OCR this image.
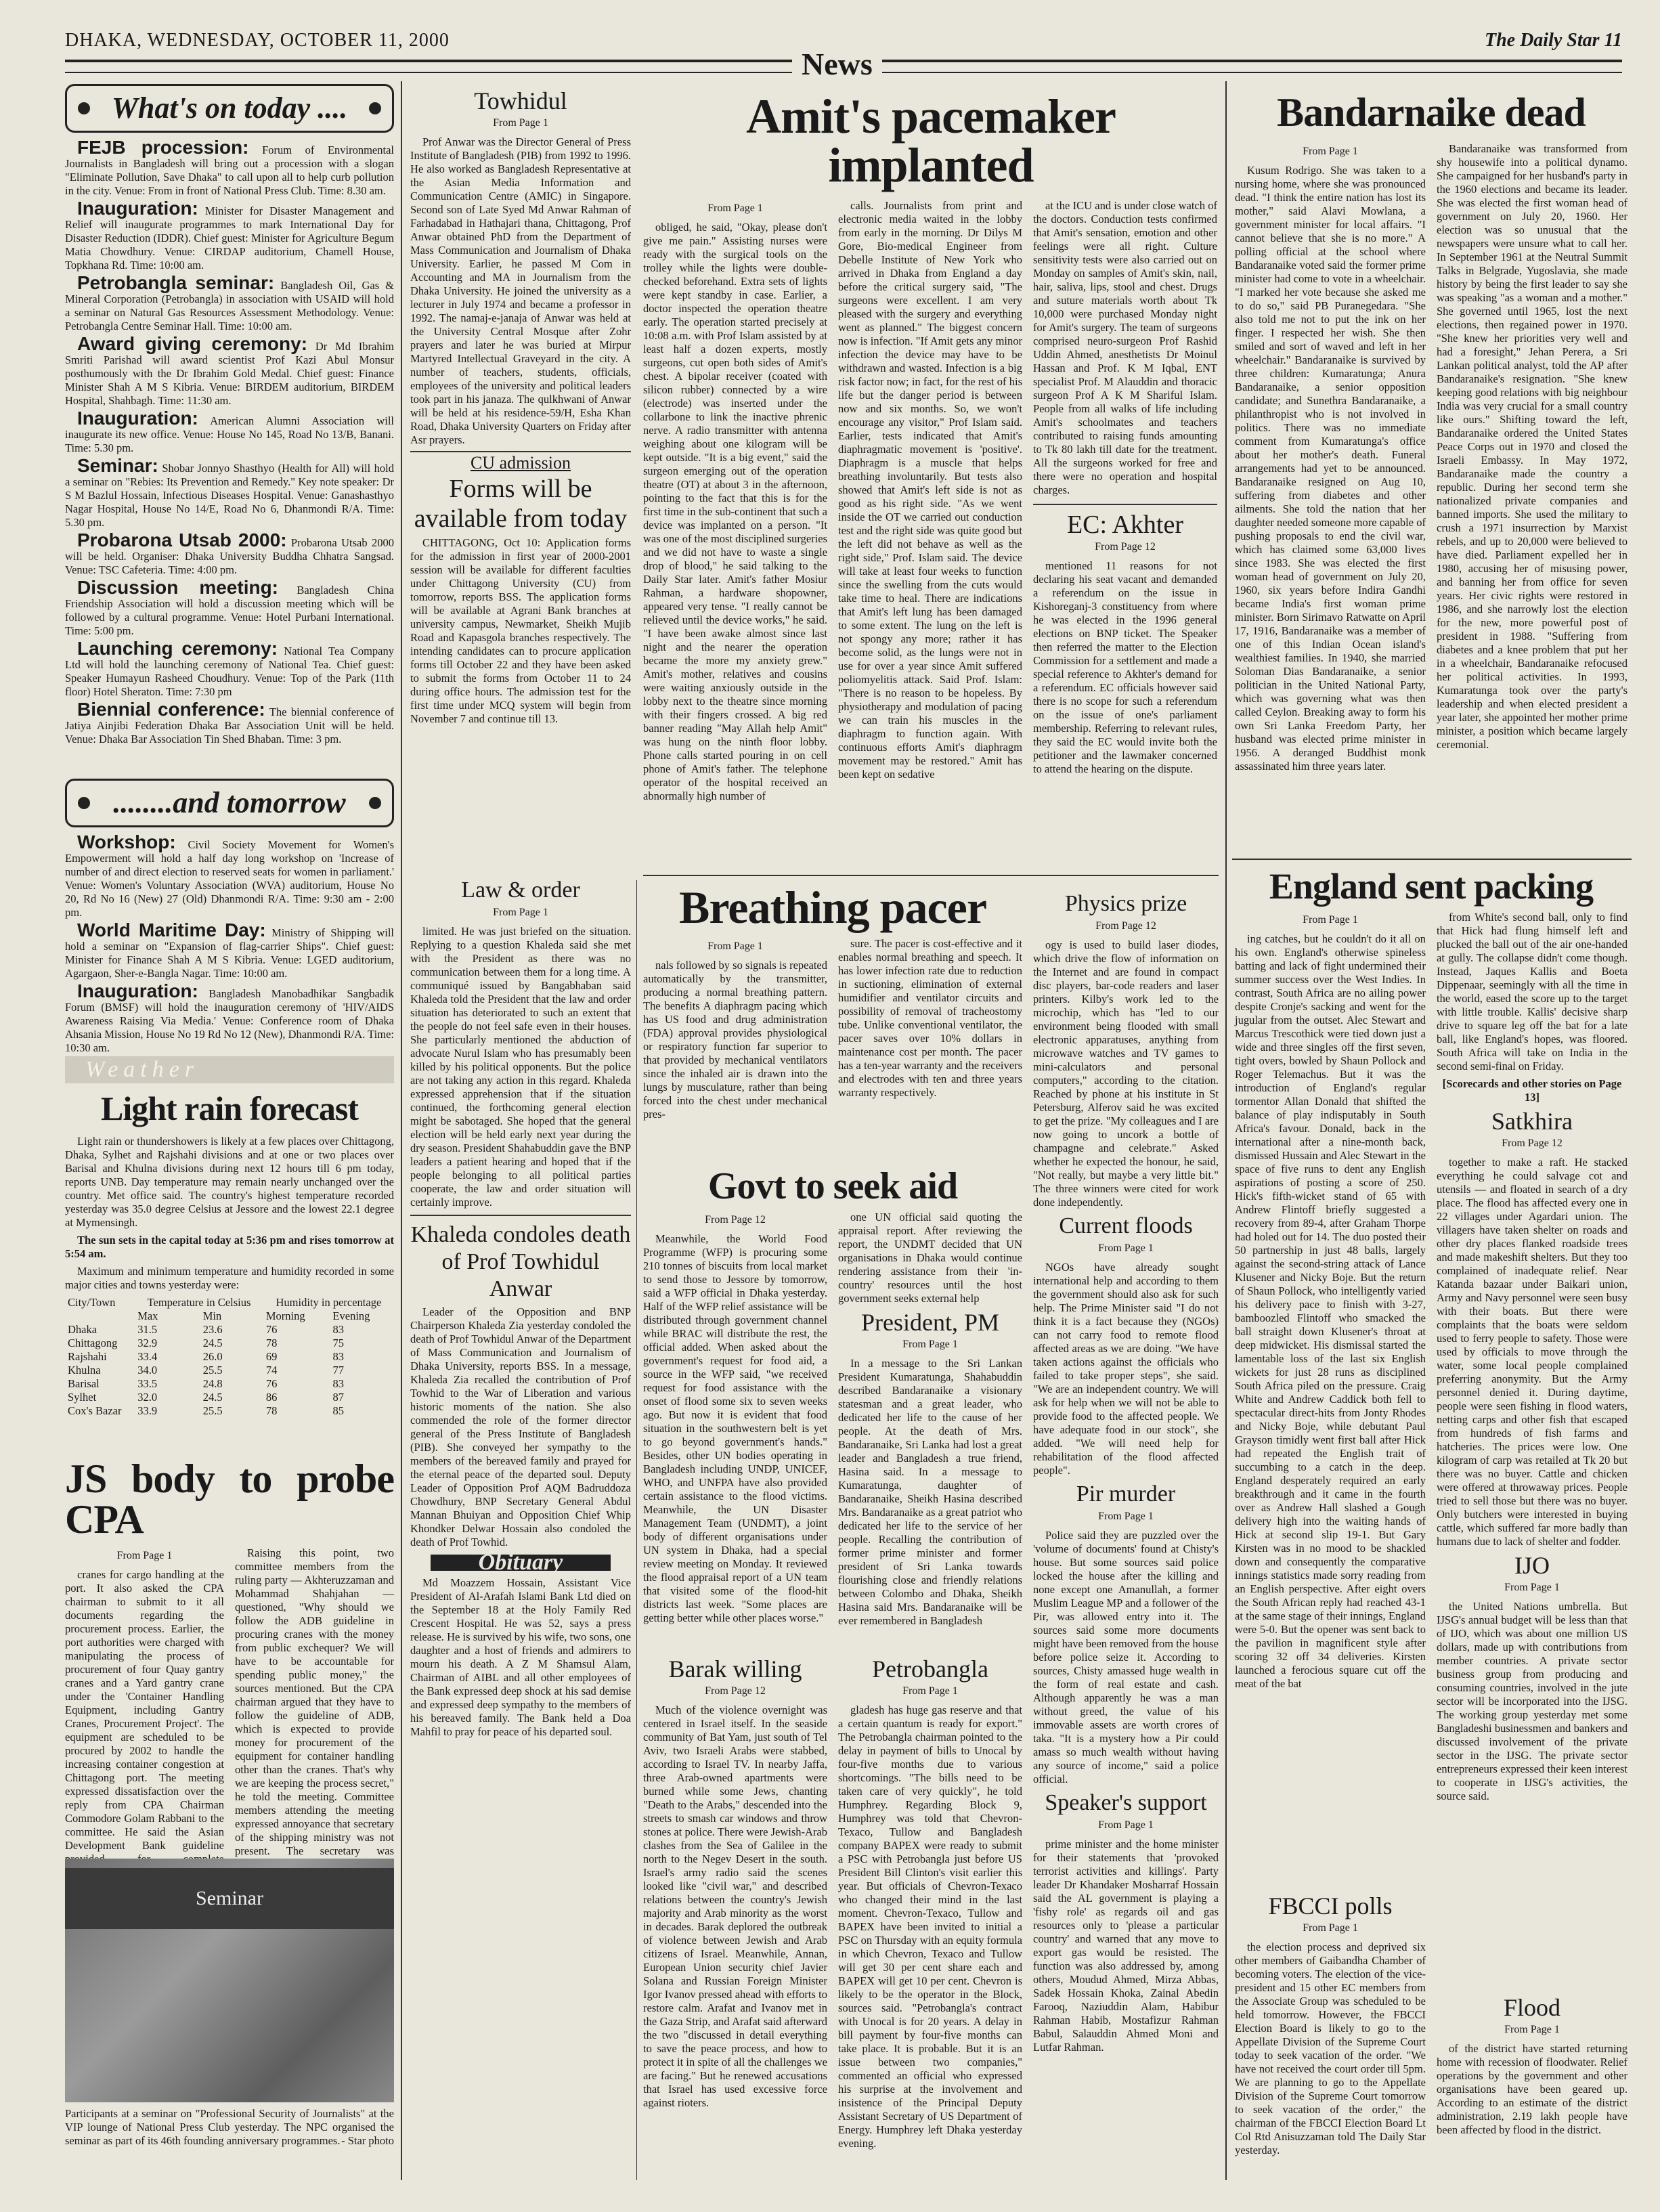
DHAKA, WEDNESDAY, OCTOBER 11, 2000	The Daily Star 11
News
What's on today ....

FEJB procession: Forum of Environmental Journalists in Bangladesh will bring out a procession with a slogan "Eliminate Pollution, Save Dhaka" to call upon all to help curb pollution in the city. Venue: From in front of National Press Club. Time: 8.30 am.

Inauguration: Minister for Disaster Management and Relief will inaugurate programmes to mark International Day for Disaster Reduction (IDDR). Chief guest: Minister for Agriculture Begum Matia Chowdhury. Venue: CIRDAP auditorium, Chamell House, Topkhana Rd. Time: 10:00 am.

Petrobangla seminar: Bangladesh Oil, Gas & Mineral Corporation (Petrobangla) in association with USAID will hold a seminar on Natural Gas Resources Assessment Methodology. Venue: Petrobangla Centre Seminar Hall. Time: 10:00 am.

Award giving ceremony: Dr Md Ibrahim Smriti Parishad will award scientist Prof Kazi Abul Monsur posthumously with the Dr Ibrahim Gold Medal. Chief guest: Finance Minister Shah A M S Kibria. Venue: BIRDEM auditorium, BIRDEM Hospital, Shahbagh. Time: 11:30 am.

Inauguration: American Alumni Association will inaugurate its new office. Venue: House No 145, Road No 13/B, Banani. Time: 5.30 pm.

Seminar: Shobar Jonnyo Shasthyo (Health for All) will hold a seminar on "Rebies: Its Prevention and Remedy." Key note speaker: Dr S M Bazlul Hossain, Infectious Diseases Hospital. Venue: Ganashasthyo Nagar Hospital, House No 14/E, Road No 6, Dhanmondi R/A. Time: 5.30 pm.

Probarona Utsab 2000: Probarona Utsab 2000 will be held. Organiser: Dhaka University Buddha Chhatra Sangsad. Venue: TSC Cafeteria. Time: 4:00 pm.

Discussion meeting: Bangladesh China Friendship Association will hold a discussion meeting which will be followed by a cultural programme. Venue: Hotel Purbani International. Time: 5:00 pm.

Launching ceremony: National Tea Company Ltd will hold the launching ceremony of National Tea. Chief guest: Speaker Humayun Rasheed Choudhury. Venue: Top of the Park (11th floor) Hotel Sheraton. Time: 7:30 pm

Biennial conference: The biennial conference of Jatiya Ainjibi Federation Dhaka Bar Association Unit will be held. Venue: Dhaka Bar Association Tin Shed Bhaban. Time: 3 pm.

........and tomorrow

Workshop: Civil Society Movement for Women's Empowerment will hold a half day long workshop on 'Increase of number of and direct election to reserved seats for women in parliament.' Venue: Women's Voluntary Association (WVA) auditorium, House No 20, Rd No 16 (New) 27 (Old) Dhanmondi R/A. Time: 9:30 am - 2:00 pm.

World Maritime Day: Ministry of Shipping will hold a seminar on "Expansion of flag-carrier Ships". Chief guest: Minister for Finance Shah A M S Kibria. Venue: LGED auditorium, Agargaon, Sher-e-Bangla Nagar. Time: 10:00 am.

Inauguration: Bangladesh Manobadhikar Sangbadik Forum (BMSF) will hold the inauguration ceremony of 'HIV/AIDS Awareness Raising Via Media.' Venue: Conference room of Dhaka Ahsania Mission, House No 19 Rd No 12 (New), Dhanmondi R/A. Time: 10:30 am.

Weather
Light rain forecast

Light rain or thundershowers is likely at a few places over Chittagong, Dhaka, Sylhet and Rajshahi divisions and at one or two places over Barisal and Khulna divisions during next 12 hours till 6 pm today, reports UNB. Day temperature may remain nearly unchanged over the country. Met office said. The country's highest temperature recorded yesterday was 35.0 degree Celsius at Jessore and the lowest 22.1 degree at Mymensingh.

The sun sets in the capital today at 5:36 pm and rises tomorrow at 5:54 am.

Maximum and minimum temperature and humidity recorded in some major cities and towns yesterday were:

City/Town	Temperature in Celsius		Humidity in percentage	
	Max	Min	Morning	Evening
Dhaka	31.5	23.6	76	83
Chittagong	32.9	24.5	78	75
Rajshahi	33.4	26.0	69	83
Khulna	34.0	25.5	74	77
Barisal	33.5	24.8	76	83
Sylhet	32.0	24.5	86	87
Cox's Bazar	33.9	25.5	78	85
JS body to probe CPA
From Page 1

cranes for cargo handling at the port. It also asked the CPA chairman to submit to it all documents regarding the procurement process. Earlier, the port authorities were charged with manipulating the process of procurement of four Quay gantry cranes and a Yard gantry crane under the 'Container Handling Equipment, including Gantry Cranes, Procurement Project'. The equipment are scheduled to be procured by 2002 to handle the increasing container congestion at Chittagong port. The meeting expressed dissatisfaction over the reply from CPA Chairman Commodore Golam Rabbani to the committee. He said the Asian Development Bank guideline

Raising this point, two committee members from the ruling party — Akhteruzzaman and Mohammad Shahjahan — questioned, "Why should we follow the ADB guideline in procuring cranes with the money from public exchequer? We will have to be accountable for spending public money," the sources mentioned. But the CPA chairman argued that they have to follow the guideline of ADB, which is expected to provide money for procurement of the equipment for container handling other than the cranes. That's why we are keeping the process secret," he told the meeting. Committee members attending the meeting expressed annoyance that secretary of the shipping ministry was not present. The secretary was

Seminar

Participants at a seminar on "Professional Security of Journalists" at the VIP lounge of National Press Club yesterday. The NPC organised the seminar as part of its 46th founding anniversary programmes. - Star photo

Towhidul
From Page 1

Prof Anwar was the Director General of Press Institute of Bangladesh (PIB) from 1992 to 1996. He also worked as Bangladesh Representative at the Asian Media Information and Communication Centre (AMIC) in Singapore. Second son of Late Syed Md Anwar Rahman of Farhadabad in Hathajari thana, Chittagong, Prof Anwar obtained PhD from the Department of Mass Communication and Journalism of Dhaka University. Earlier, he passed M Com in Accounting and MA in Journalism from the Dhaka University. He joined the university as a lecturer in July 1974 and became a professor in 1992. The namaj-e-janaja of Anwar was held at the University Central Mosque after Zohr prayers and later he was buried at Mirpur Martyred Intellectual Graveyard in the city. A number of teachers, students, officials, employees of the university and political leaders took part in his janaza. The qulkhwani of Anwar will be held at his residence-59/H, Esha Khan Road, Dhaka University Quarters on Friday after Asr prayers.

CU admission
Forms will be available from today

CHITTAGONG, Oct 10: Application forms for the admission in first year of 2000-2001 session will be available for different faculties under Chittagong University (CU) from tomorrow, reports BSS. The application forms will be available at Agrani Bank branches at university campus, Newmarket, Sheikh Mujib Road and Kapasgola branches respectively. The intending candidates can to procure application forms till October 22 and they have been asked to submit the forms from October 11 to 24 during office hours. The admission test for the first time under MCQ system will begin from November 7 and continue till 13.

Law & order
From Page 1

limited. He was just briefed on the situation. Replying to a question Khaleda said she met with the President as there was no communication between them for a long time. A communiqué issued by Bangabhaban said Khaleda told the President that the law and order situation has deteriorated to such an extent that the people do not feel safe even in their houses. She particularly mentioned the abduction of advocate Nurul Islam who has presumably been killed by his political opponents. But the police are not taking any action in this regard. Khaleda expressed apprehension that if the situation continued, the forthcoming general election might be sabotaged. She hoped that the general election will be held early next year during the dry season. President Shahabuddin gave the BNP leaders a patient hearing and hoped that if the people belonging to all political parties cooperate, the law and order situation will certainly improve.

Khaleda condoles death of Prof Towhidul Anwar

Leader of the Opposition and BNP Chairperson Khaleda Zia yesterday condoled the death of Prof Towhidul Anwar of the Department of Mass Communication and Journalism of Dhaka University, reports BSS. In a message, Khaleda Zia recalled the contribution of Prof Towhid to the War of Liberation and various historic moments of the nation. She also commended the role of the former director general of the Press Institute of Bangladesh (PIB). She conveyed her sympathy to the members of the bereaved family and prayed for the eternal peace of the departed soul. Deputy Leader of Opposition Prof AQM Badruddoza Chowdhury, BNP Secretary General Abdul Mannan Bhuiyan and Opposition Chief Whip Khondker Delwar Hossain also condoled the death of Prof Towhid.

Obituary

Md Moazzem Hossain, Assistant Vice President of Al-Arafah Islami Bank Ltd died on the September 18 at the Holy Family Red Crescent Hospital. He was 52, says a press release. He is survived by his wife, two sons, one daughter and a host of friends and admirers to mourn his death. A Z M Shamsul Alam, Chairman of AIBL and all other employees of the Bank expressed deep shock at his sad demise and expressed deep sympathy to the members of his bereaved family. The Bank held a Doa Mahfil to pray for peace of his departed soul.

Amit's pacemaker implanted
From Page 1

obliged, he said, "Okay, please don't give me pain." Assisting nurses were ready with the surgical tools on the trolley while the lights were double-checked beforehand. Extra sets of lights were kept standby in case. Earlier, a doctor inspected the operation theatre early. The operation started precisely at 10:08 a.m. with Prof Islam assisted by at least half a dozen experts, mostly surgeons, cut open both sides of Amit's chest. A bipolar receiver (coated with silicon rubber) connected by a wire (electrode) was inserted under the collarbone to link the inactive phrenic nerve. A radio transmitter with antenna weighing about one kilogram will be kept outside. "It is a big event," said the surgeon emerging out of the operation theatre (OT) at about 3 in the afternoon, pointing to the fact that this is for the first time in the sub-continent that such a device was implanted on a person. "It was one of the most disciplined surgeries and we did not have to waste a single drop of blood," he said talking to the Daily Star later. Amit's father Mosiur Rahman, a hardware shopowner, appeared very tense. "I really cannot be relieved until the device works," he said. "I have been awake almost since last night and the nearer the operation became the more my anxiety grew." Amit's mother, relatives and cousins were waiting anxiously outside in the lobby next to the theatre since morning with their fingers crossed. A big red banner reading "May Allah help Amit" was hung on the ninth floor lobby. Phone calls started pouring in on cell phone of Amit's father. The telephone operator of the hospital received an abnormally high number of

calls. Journalists from print and electronic media waited in the lobby from early in the morning. Dr Dilys M Gore, Bio-medical Engineer from Debelle Institute of New York who arrived in Dhaka from England a day before the critical surgery said, "The surgeons were excellent. I am very pleased with the surgery and everything went as planned." The biggest concern now is infection. "If Amit gets any minor infection the device may have to be withdrawn and wasted. Infection is a big risk factor now; in fact, for the rest of his life but the danger period is between now and six months. So, we won't encourage any visitor," Prof Islam said. Earlier, tests indicated that Amit's diaphragmatic movement is 'positive'. Diaphragm is a muscle that helps breathing involuntarily. But tests also showed that Amit's left side is not as good as his right side. "As we went inside the OT we carried out conduction test and the right side was quite good but the left did not behave as well as the right side," Prof. Islam said. The device will take at least four weeks to function since the swelling from the cuts would take time to heal. There are indications that Amit's left lung has been damaged to some extent. The lung on the left is not spongy any more; rather it has become solid, as the lungs were not in use for over a year since Amit suffered poliomyelitis attack. Said Prof. Islam: "There is no reason to be hopeless. By physiotherapy and modulation of pacing we can train his muscles in the diaphragm to function again. With continuous efforts Amit's diaphragm movement may be restored." Amit has been kept on sedative

at the ICU and is under close watch of the doctors. Conduction tests confirmed that Amit's sensation, emotion and other feelings were all right. Culture sensitivity tests were also carried out on Monday on samples of Amit's skin, nail, hair, saliva, lips, stool and chest. Drugs and suture materials worth about Tk 10,000 were purchased Monday night for Amit's surgery. The team of surgeons comprised neuro-surgeon Prof Rashid Uddin Ahmed, anesthetists Dr Moinul Hassan and Prof. K M Iqbal, ENT specialist Prof. M Alauddin and thoracic surgeon Prof A K M Shariful Islam. People from all walks of life including Amit's schoolmates and teachers contributed to raising funds amounting to Tk 80 lakh till date for the treatment. All the surgeons worked for free and there were no operation and hospital charges.

EC: Akhter
From Page 12

mentioned 11 reasons for not declaring his seat vacant and demanded a referendum on the issue in Kishoreganj-3 constituency from where he was elected in the 1996 general elections on BNP ticket. The Speaker then referred the matter to the Election Commission for a settlement and made a special reference to Akhter's demand for a referendum. EC officials however said there is no scope for such a referendum on the issue of one's parliament membership. Referring to relevant rules, they said the EC would invite both the petitioner and the lawmaker concerned to attend the hearing on the dispute.

Breathing pacer
From Page 1

nals followed by so signals is repeated automatically by the transmitter, producing a normal breathing pattern. The benefits A diaphragm pacing which has US food and drug administration (FDA) approval provides physiological or respiratory function far superior to that provided by mechanical ventilators since the inhaled air is drawn into the lungs by musculature, rather than being forced into the chest under mechanical pres-

sure. The pacer is cost-effective and it enables normal breathing and speech. It has lower infection rate due to reduction in suctioning, elimination of external humidifier and ventilator circuits and possibility of removal of tracheostomy tube. Unlike conventional ventilator, the pacer saves over 10% dollars in maintenance cost per month. The pacer has a ten-year warranty and the receivers and electrodes with ten and three years warranty respectively.

Govt to seek aid
From Page 12

Meanwhile, the World Food Programme (WFP) is procuring some 210 tonnes of biscuits from local market to send those to Jessore by tomorrow, said a WFP official in Dhaka yesterday. Half of the WFP relief assistance will be distributed through government channel while BRAC will distribute the rest, the official added. When asked about the government's request for food aid, a source in the WFP said, "we received request for food assistance with the onset of flood some six to seven weeks ago. But now it is evident that food situation in the southwestern belt is yet to go beyond government's hands." Besides, other UN bodies operating in Bangladesh including UNDP, UNICEF, WHO, and UNFPA have also provided certain assistance to the flood victims. Meanwhile, the UN Disaster Management Team (UNDMT), a joint body of different organisations under UN system in Dhaka, had a special review meeting on Monday. It reviewed the flood appraisal report of a UN team that visited some of the flood-hit districts last week. "Some places are getting better while other places worse."

one UN official said quoting the appraisal report. After reviewing the report, the UNDMT decided that UN organisations in Dhaka would continue rendering assistance from their 'in-country' resources until the host government seeks external help

President, PM
From Page 1

In a message to the Sri Lankan President Kumaratunga, Shahabuddin described Bandaranaike a visionary statesman and a great leader, who dedicated her life to the cause of her people. At the death of Mrs. Bandaranaike, Sri Lanka had lost a great leader and Bangladesh a true friend, Hasina said. In a message to Kumaratunga, daughter of Bandaranaike, Sheikh Hasina described Mrs. Bandaranaike as a great patriot who dedicated her life to the service of her people. Recalling the contribution of former prime minister and former president of Sri Lanka towards flourishing close and friendly relations between Colombo and Dhaka, Sheikh Hasina said Mrs. Bandaranaike will be ever remembered in Bangladesh

Barak willing
From Page 12

Much of the violence overnight was centered in Israel itself. In the seaside community of Bat Yam, just south of Tel Aviv, two Israeli Arabs were stabbed, according to Israel TV. In nearby Jaffa, three Arab-owned apartments were burned while some Jews, chanting "Death to the Arabs," descended into the streets to smash car windows and throw stones at police. There were Jewish-Arab clashes from the Sea of Galilee in the north to the Negev Desert in the south. Israel's army radio said the scenes looked like "civil war," and described relations between the country's Jewish majority and Arab minority as the worst in decades. Barak deplored the outbreak of violence between Jewish and Arab citizens of Israel. Meanwhile, Annan, European Union security chief Javier Solana and Russian Foreign Minister Igor Ivanov pressed ahead with efforts to restore calm. Arafat and Ivanov met in the Gaza Strip, and Arafat said afterward the two "discussed in detail everything to save the peace process, and how to protect it in spite of all the challenges we are facing." But he renewed accusations that Israel has used excessive force against rioters.

Petrobangla
From Page 1

gladesh has huge gas reserve and that a certain quantum is ready for export." The Petrobangla chairman pointed to the delay in payment of bills to Unocal by four-five months due to various shortcomings. "The bills need to be taken care of very quickly", he told Humphrey. Regarding Block 9, Humphrey was told that Chevron-Texaco, Tullow and Bangladesh company BAPEX were ready to submit a PSC with Petrobangla just before US President Bill Clinton's visit earlier this year. But officials of Chevron-Texaco who changed their mind in the last moment. Chevron-Texaco, Tullow and BAPEX have been invited to initial a PSC on Thursday with an equity formula in which Chevron, Texaco and Tullow will get 30 per cent share each and BAPEX will get 10 per cent. Chevron is likely to be the operator in the Block, sources said. "Petrobangla's contract with Unocal is for 20 years. A delay in bill payment by four-five months can take place. It is probable. But it is an issue between two companies," commented an official who expressed his surprise at the involvement and insistence of the Principal Deputy Assistant Secretary of US Department of Energy. Humphrey left Dhaka yesterday evening.

Physics prize
From Page 12

ogy is used to build laser diodes, which drive the flow of information on the Internet and are found in compact disc players, bar-code readers and laser printers. Kilby's work led to the microchip, which has "led to our environment being flooded with small electronic apparatuses, anything from microwave watches and TV games to mini-calculators and personal computers," according to the citation. Reached by phone at his institute in St Petersburg, Alferov said he was excited to get the prize. "My colleagues and I are now going to uncork a bottle of champagne and celebrate." Asked whether he expected the honour, he said, "Not really, but maybe a very little bit." The three winners were cited for work done independently.

Current floods
From Page 1

NGOs have already sought international help and according to them the government should also ask for such help. The Prime Minister said "I do not think it is a fact because they (NGOs) can not carry food to remote flood affected areas as we are doing. "We have taken actions against the officials who failed to take proper steps", she said. "We are an independent country. We will ask for help when we will not be able to provide food to the affected people. We have adequate food in our stock", she added. "We will need help for rehabilitation of the flood affected people".

Pir murder
From Page 1

Police said they are puzzled over the 'volume of documents' found at Chisty's house. But some sources said police locked the house after the killing and none except one Amanullah, a former Muslim League MP and a follower of the Pir, was allowed entry into it. The sources said some more documents might have been removed from the house before police seize it. According to sources, Chisty amassed huge wealth in the form of real estate and cash. Although apparently he was a man without greed, the value of his immovable assets are worth crores of taka. "It is a mystery how a Pir could amass so much wealth without having any source of income," said a police official.

Speaker's support
From Page 1

prime minister and the home minister for their statements that 'provoked terrorist activities and killings'. Party leader Dr Khandaker Mosharraf Hossain said the AL government is playing a 'fishy role' as regards oil and gas resources only to 'please a particular country' and warned that any move to export gas would be resisted. The function was also addressed by, among others, Moudud Ahmed, Mirza Abbas, Sadek Hossain Khoka, Zainal Abedin Farooq, Naziuddin Alam, Habibur Rahman Habib, Mostafizur Rahman Babul, Salauddin Ahmed Moni and Lutfar Rahman.

Bandarnaike dead
From Page 1

Kusum Rodrigo. She was taken to a nursing home, where she was pronounced dead. "I think the entire nation has lost its mother," said Alavi Mowlana, a government minister for local affairs. "I cannot believe that she is no more." A polling official at the school where Bandaranaike voted said the former prime minister had come to vote in a wheelchair. "I marked her vote because she asked me to do so," said PB Puranegedara. "She also told me not to put the ink on her finger. I respected her wish. She then smiled and sort of waved and left in her wheelchair." Bandaranaike is survived by three children: Kumaratunga; Anura Bandaranaike, a senior opposition candidate; and Sunethra Bandaranaike, a philanthropist who is not involved in politics. There was no immediate comment from Kumaratunga's office about her mother's death. Funeral arrangements had yet to be announced. Bandaranaike resigned on Aug 10, suffering from diabetes and other ailments. She told the nation that her daughter needed someone more capable of pushing proposals to end the civil war, which has claimed some 63,000 lives since 1983. She was elected the first woman head of government on July 20, 1960, six years before Indira Gandhi became India's first woman prime minister. Born Sirimavo Ratwatte on April 17, 1916, Bandaranaike was a member of one of this Indian Ocean island's wealthiest families. In 1940, she married Soloman Dias Bandaranaike, a senior politician in the United National Party, which was governing what was then called Ceylon. Breaking away to form his own Sri Lanka Freedom Party, her husband was elected prime minister in 1956. A deranged Buddhist monk assassinated him three years later.

Bandaranaike was transformed from shy housewife into a political dynamo. She campaigned for her husband's party in the 1960 elections and became its leader. She was elected the first woman head of government on July 20, 1960. Her election was so unusual that the newspapers were unsure what to call her. In September 1961 at the Neutral Summit Talks in Belgrade, Yugoslavia, she made history by being the first leader to say she was speaking "as a woman and a mother." She governed until 1965, lost the next elections, then regained power in 1970. "She knew her priorities very well and had a foresight," Jehan Perera, a Sri Lankan political analyst, told the AP after Bandaranaike's resignation. "She knew keeping good relations with big neighbour India was very crucial for a small country like ours." Shifting toward the left, Bandaranaike ordered the United States Peace Corps out in 1970 and closed the Israeli Embassy. In May 1972, Bandaranaike made the country a republic. During her second term she nationalized private companies and banned imports. She used the military to crush a 1971 insurrection by Marxist rebels, and up to 20,000 were believed to have died. Parliament expelled her in 1980, accusing her of misusing power, and banning her from office for seven years. Her civic rights were restored in 1986, and she narrowly lost the election for the new, more powerful post of president in 1988. "Suffering from diabetes and a knee problem that put her in a wheelchair, Bandaranaike refocused her political activities. In 1993, Kumaratunga took over the party's leadership and when elected president a year later, she appointed her mother prime minister, a position which became largely ceremonial.

England sent packing
From Page 1

ing catches, but he couldn't do it all on his own. England's otherwise spineless batting and lack of fight undermined their summer success over the West Indies. In contrast, South Africa are no ailing power despite Cronje's sacking and went for the jugular from the outset. Alec Stewart and Marcus Trescothick were tied down just a wide and three singles off the first seven, tight overs, bowled by Shaun Pollock and Roger Telemachus. But it was the introduction of England's regular tormentor Allan Donald that shifted the balance of play indisputably in South Africa's favour. Donald, back in the international after a nine-month back, dismissed Hussain and Alec Stewart in the space of five runs to dent any English aspirations of posting a score of 250. Hick's fifth-wicket stand of 65 with Andrew Flintoff briefly suggested a recovery from 89-4, after Graham Thorpe had holed out for 14. The duo posted their 50 partnership in just 48 balls, largely against the second-string attack of Lance Klusener and Nicky Boje. But the return of Shaun Pollock, who intelligently varied his delivery pace to finish with 3-27, bamboozled Flintoff who smacked the ball straight down Klusener's throat at deep midwicket. His dismissal started the lamentable loss of the last six English wickets for just 28 runs as disciplined South Africa piled on the pressure. Craig White and Andrew Caddick both fell to spectacular direct-hits from Jonty Rhodes and Nicky Boje, while debutant Paul Grayson timidly went first ball after Hick had repeated the English trait of succumbing to a catch in the deep. England desperately required an early breakthrough and it came in the fourth over as Andrew Hall slashed a Gough delivery high into the waiting hands of Hick at second slip 19-1. But Gary Kirsten was in no mood to be shackled down and consequently the comparative innings statistics made sorry reading from an English perspective. After eight overs the South African reply had reached 43-1 at the same stage of their innings, England were 5-0. But the opener was sent back to the pavilion in magnificent style after scoring 32 off 34 deliveries. Kirsten launched a ferocious square cut off the meat of the bat

from White's second ball, only to find that Hick had flung himself left and plucked the ball out of the air one-handed at gully. The collapse didn't come though. Instead, Jaques Kallis and Boeta Dippenaar, seemingly with all the time in the world, eased the score up to the target with little trouble. Kallis' decisive sharp drive to square leg off the bat for a late ball, like England's hopes, was floored. South Africa will take on India in the second semi-final on Friday.

[Scorecards and other stories on Page 13]

Satkhira
From Page 12

together to make a raft. He stacked everything he could salvage cot and utensils — and floated in search of a dry place. The flood has affected every one in 22 villages under Agardari union. The villagers have taken shelter on roads and other dry places flanked roadside trees and made makeshift shelters. But they too complained of inadequate relief. Near Katanda bazaar under Baikari union, Army and Navy personnel were seen busy with their boats. But there were complaints that the boats were seldom used to ferry people to safety. Those were used by officials to move through the water, some local people complained preferring anonymity. But the Army personnel denied it. During daytime, people were seen fishing in flood waters, netting carps and other fish that escaped from hundreds of fish farms and hatcheries. The prices were low. One kilogram of carp was retailed at Tk 20 but there was no buyer. Cattle and chicken were offered at throwaway prices. People tried to sell those but there was no buyer. Only butchers were interested in buying cattle, which suffered far more badly than humans due to lack of shelter and fodder.

IJO
From Page 1

the United Nations umbrella. But IJSG's annual budget will be less than that of IJO, which was about one million US dollars, made up with contributions from member countries. A private sector business group from producing and consuming countries, involved in the jute sector will be incorporated into the IJSG. The working group yesterday met some Bangladeshi businessmen and bankers and discussed involvement of the private sector in the IJSG. The private sector entrepreneurs expressed their keen interest to cooperate in IJSG's activities, the source said.

FBCCI polls
From Page 1

the election process and deprived six other members of Gaibandha Chamber of becoming voters. The election of the vice-president and 15 other EC members from the Associate Group was scheduled to be held tomorrow. However, the FBCCI Election Board is likely to go to the Appellate Division of the Supreme Court today to seek vacation of the order. "We have not received the court order till 5pm. We are planning to go to the Appellate Division of the Supreme Court tomorrow to seek vacation of the order," the chairman of the FBCCI Election Board Lt Col Rtd Anisuzzaman told The Daily Star yesterday.

Flood
From Page 1

of the district have started returning home with recession of floodwater. Relief operations by the government and other organisations have been geared up. According to an estimate of the district administration, 2.19 lakh people have been affected by flood in the district.
